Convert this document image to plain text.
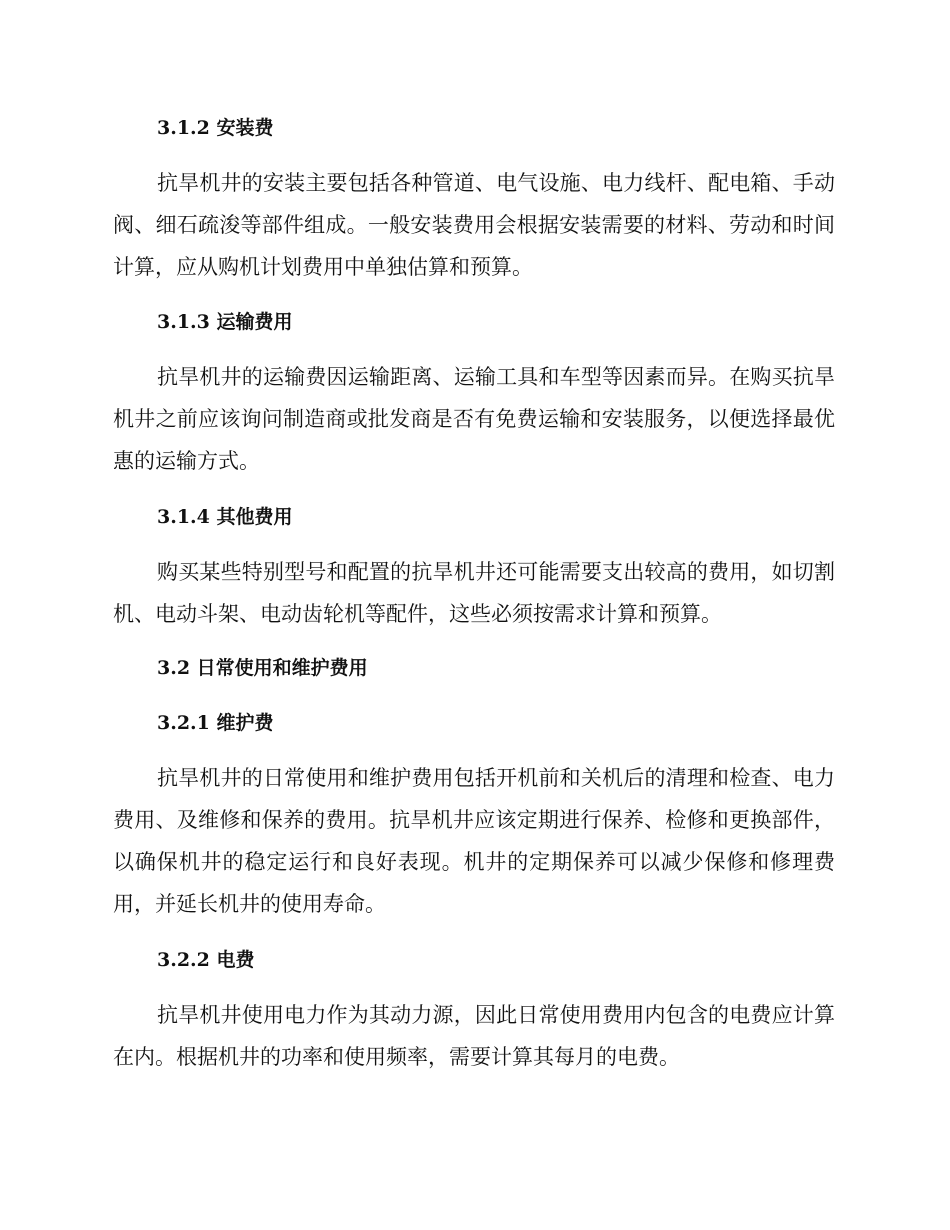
3.1.2 安装费
抗旱机井的安装主要包括各种管道、电气设施、电力线杆、配电箱、手动阀、细石疏浚等部件组成。一般安装费用会根据安装需要的材料、劳动和时间计算，应从购机计划费用中单独估算和预算。
3.1.3 运输费用
抗旱机井的运输费因运输距离、运输工具和车型等因素而异。在购买抗旱机井之前应该询问制造商或批发商是否有免费运输和安装服务，以便选择最优惠的运输方式。
3.1.4 其他费用
购买某些特别型号和配置的抗旱机井还可能需要支出较高的费用，如切割机、电动斗架、电动齿轮机等配件，这些必须按需求计算和预算。
3.2 日常使用和维护费用
3.2.1 维护费
抗旱机井的日常使用和维护费用包括开机前和关机后的清理和检查、电力费用、及维修和保养的费用。抗旱机井应该定期进行保养、检修和更换部件，以确保机井的稳定运行和良好表现。机井的定期保养可以减少保修和修理费用，并延长机井的使用寿命。
3.2.2 电费
抗旱机井使用电力作为其动力源，因此日常使用费用内包含的电费应计算在内。根据机井的功率和使用频率，需要计算其每月的电费。
